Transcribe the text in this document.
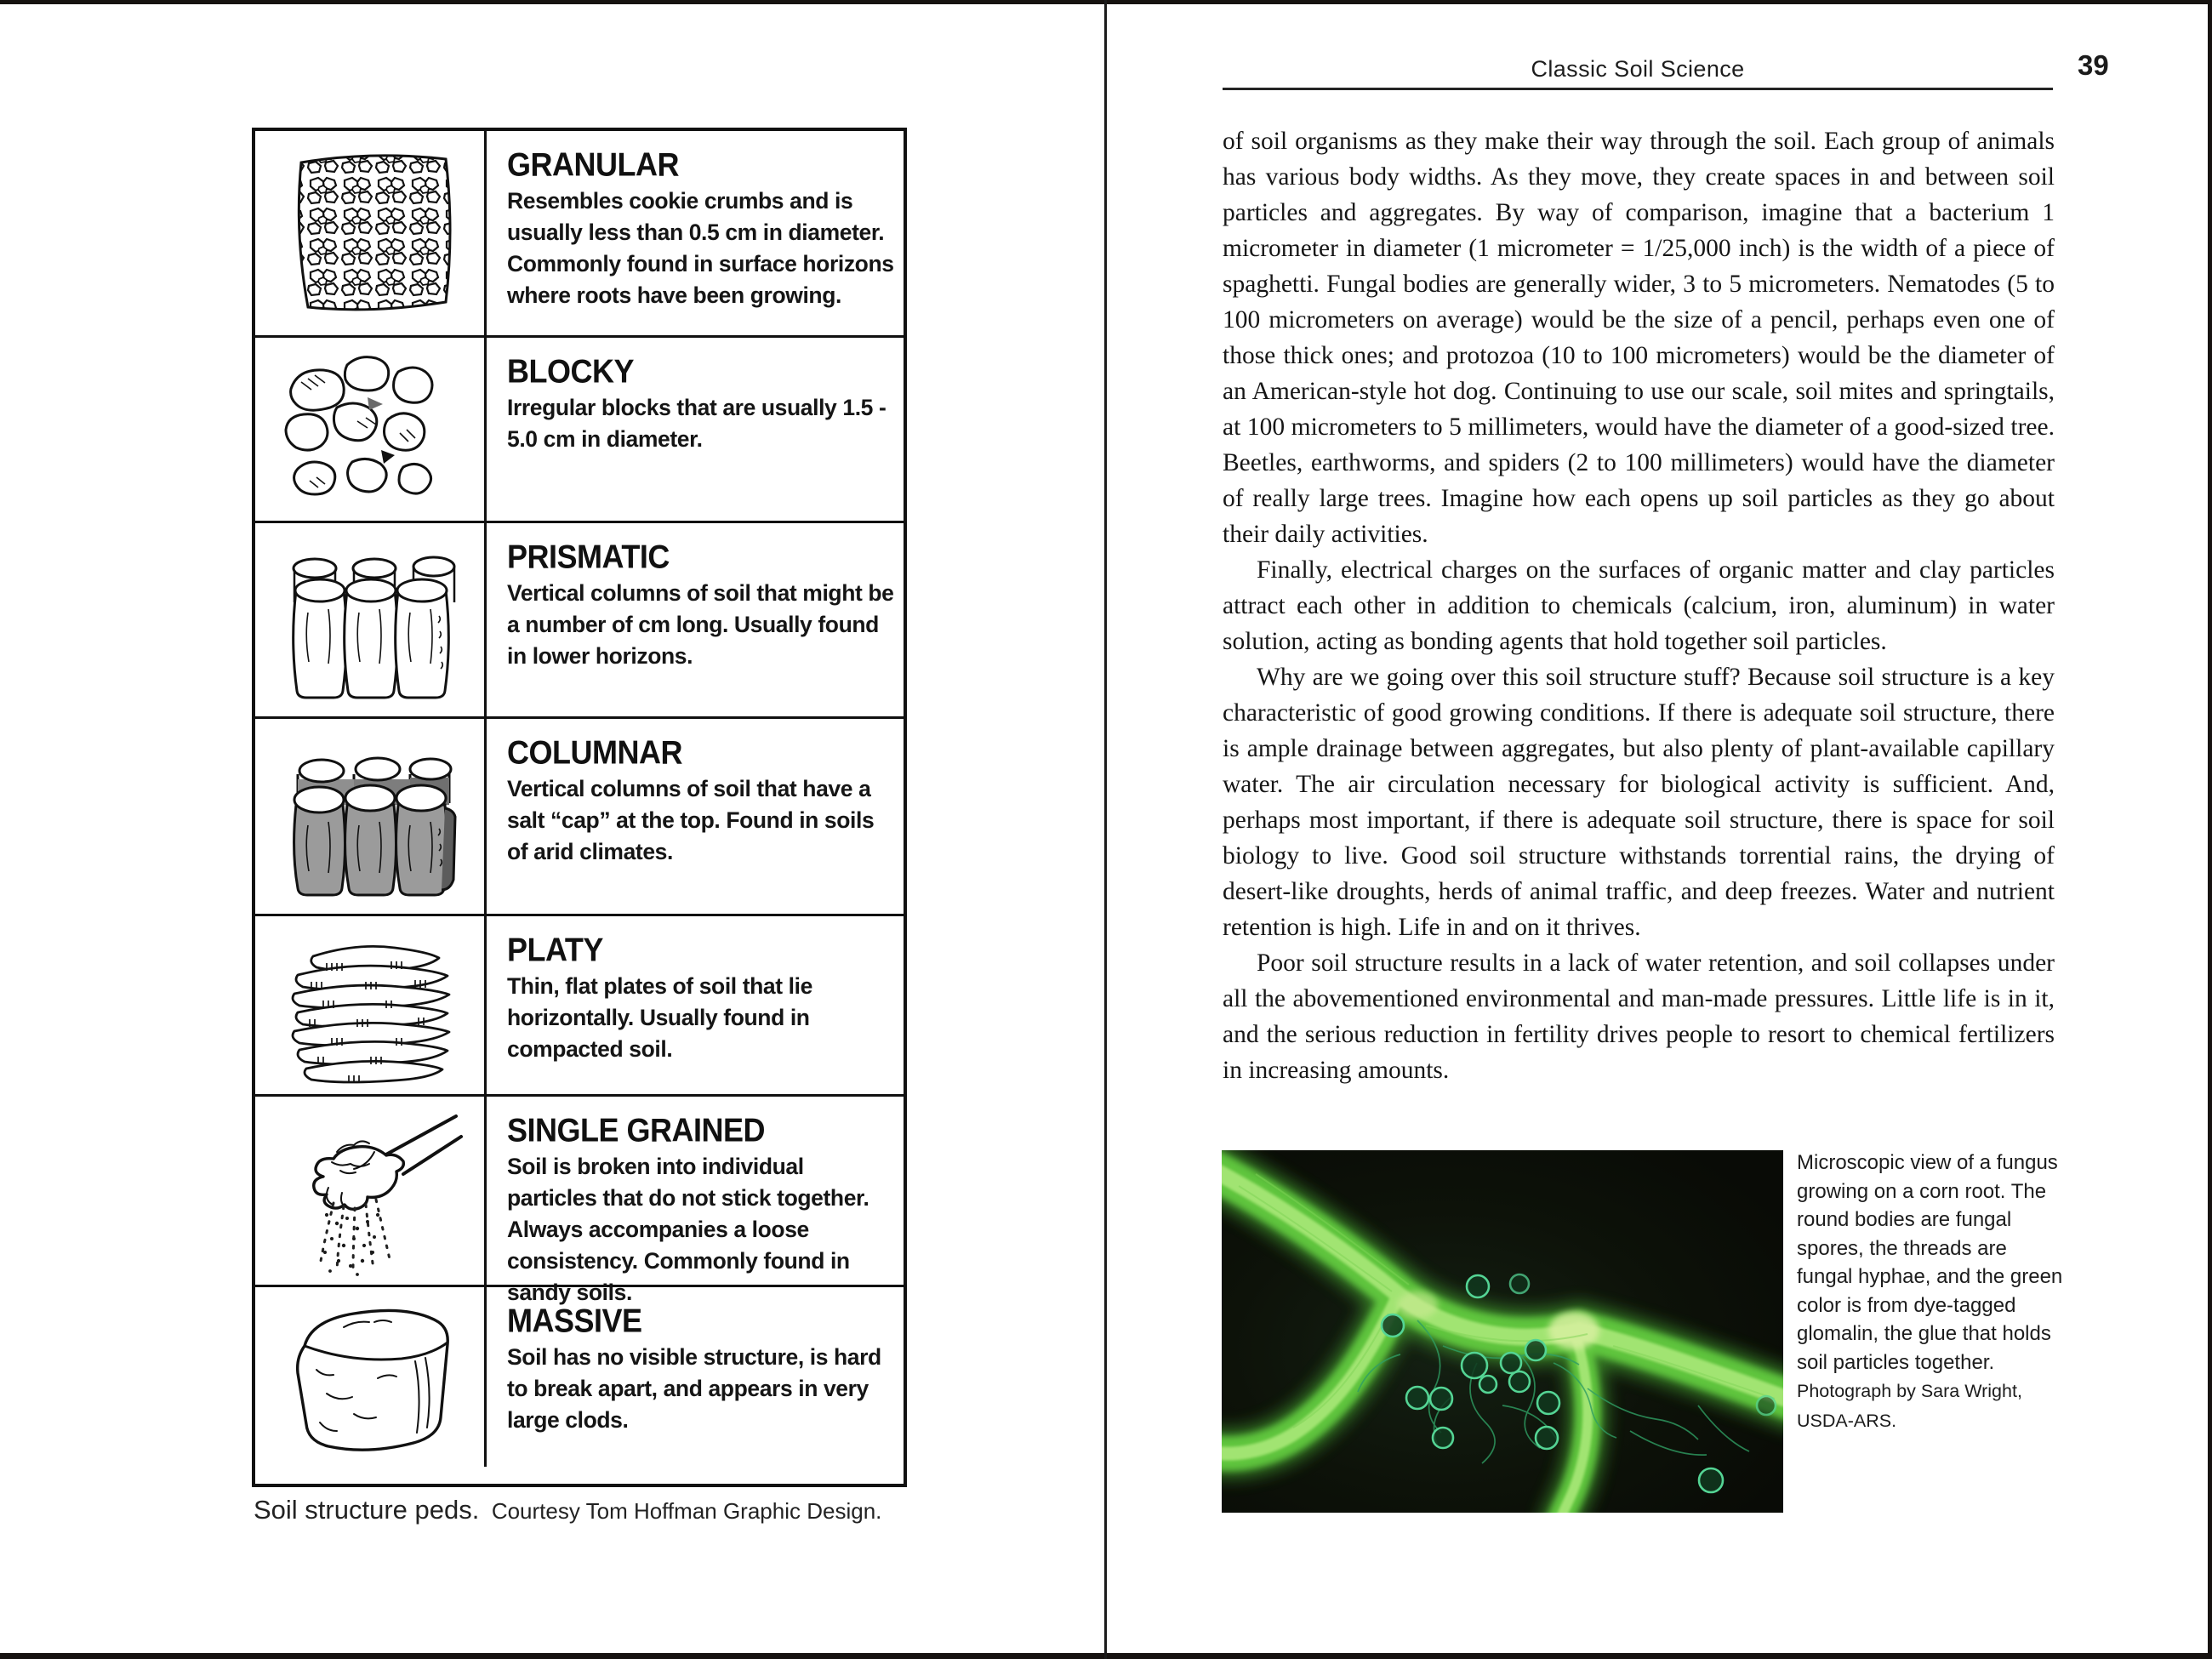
GRANULAR
Resembles cookie crumbs and is usually less than 0.5 cm in diameter. Commonly found in surface horizons where roots have been growing.
BLOCKY
Irregular blocks that are usually 1.5 - 5.0 cm in diameter.
PRISMATIC
Vertical columns of soil that might be a number of cm long. Usually found in lower horizons.
COLUMNAR
Vertical columns of soil that have a salt “cap” at the top. Found in soils of arid climates.
PLATY
Thin, flat plates of soil that lie horizontally. Usually found in compacted soil.
SINGLE GRAINED
Soil is broken into individual particles that do not stick together. Always accompanies a loose consistency. Commonly found in sandy soils.
MASSIVE
Soil has no visible structure, is hard to break apart, and appears in very large clods.
Soil structure peds. Courtesy Tom Hoffman Graphic Design.
Classic Soil Science	39

of soil organisms as they make their way through the soil. Each group of animals has various body widths. As they move, they create spaces in and between soil particles and aggregates. By way of comparison, imagine that a bacterium 1 micrometer in diameter (1 micrometer = 1/25,000 inch) is the width of a piece of spaghetti. Fungal bodies are generally wider, 3 to 5 micrometers. Nematodes (5 to 100 micrometers on average) would be the size of a pencil, perhaps even one of those thick ones; and protozoa (10 to 100 micrometers) would be the diameter of an American-style hot dog. Continuing to use our scale, soil mites and springtails, at 100 micrometers to 5 millimeters, would have the diameter of a good-sized tree. Beetles, earthworms, and spiders (2 to 100 millimeters) would have the diameter of really large trees. Imagine how each opens up soil particles as they go about their daily activities.

Finally, electrical charges on the surfaces of organic matter and clay particles attract each other in addition to chemicals (calcium, iron, aluminum) in water solution, acting as bonding agents that hold together soil particles.

Why are we going over this soil structure stuff? Because soil structure is a key characteristic of good growing conditions. If there is adequate soil structure, there is ample drainage between aggregates, but also plenty of plant-available capillary water. The air circulation necessary for biological activity is sufficient. And, perhaps most important, if there is adequate soil structure, there is space for soil biology to live. Good soil structure withstands torrential rains, the drying of desert-like droughts, herds of animal traffic, and deep freezes. Water and nutrient retention is high. Life in and on it thrives.

Poor soil structure results in a lack of water retention, and soil collapses under all the abovementioned environmental and man-made pressures. Little life is in it, and the serious reduction in fertility drives people to resort to chemical fertilizers in increasing amounts.

Microscopic view of a fungus growing on a corn root. The round bodies are fungal spores, the threads are fungal hyphae, and the green color is from dye-tagged glomalin, the glue that holds soil particles together. Photograph by Sara Wright, USDA-ARS.
